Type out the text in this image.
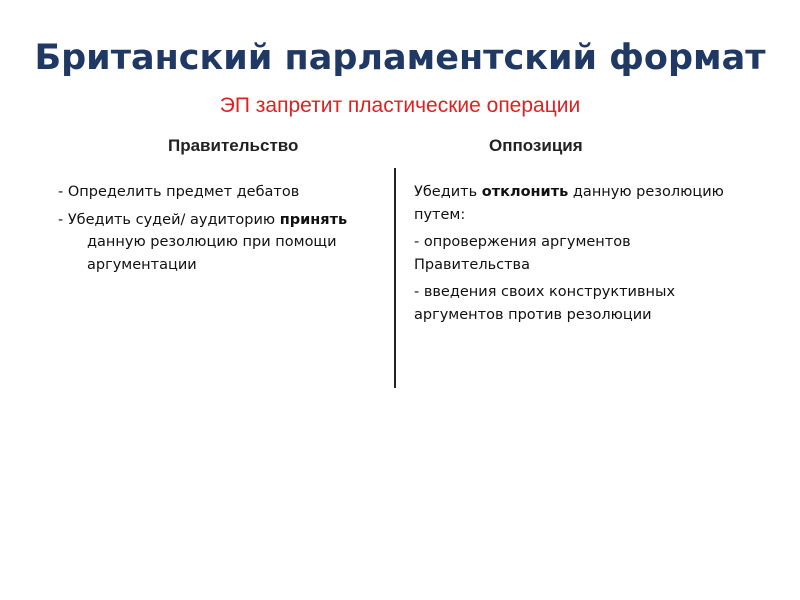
Британский парламентский формат
ЭП запретит пластические операции
Правительство	Оппозиция

- Определить предмет дебатов

- Убедить судей/ аудиторию принять данную резолюцию при помощи аргументации

Убедить отклонить данную резолюцию путем:

- опровержения аргументов Правительства

- введения своих конструктивных аргументов против резолюции
